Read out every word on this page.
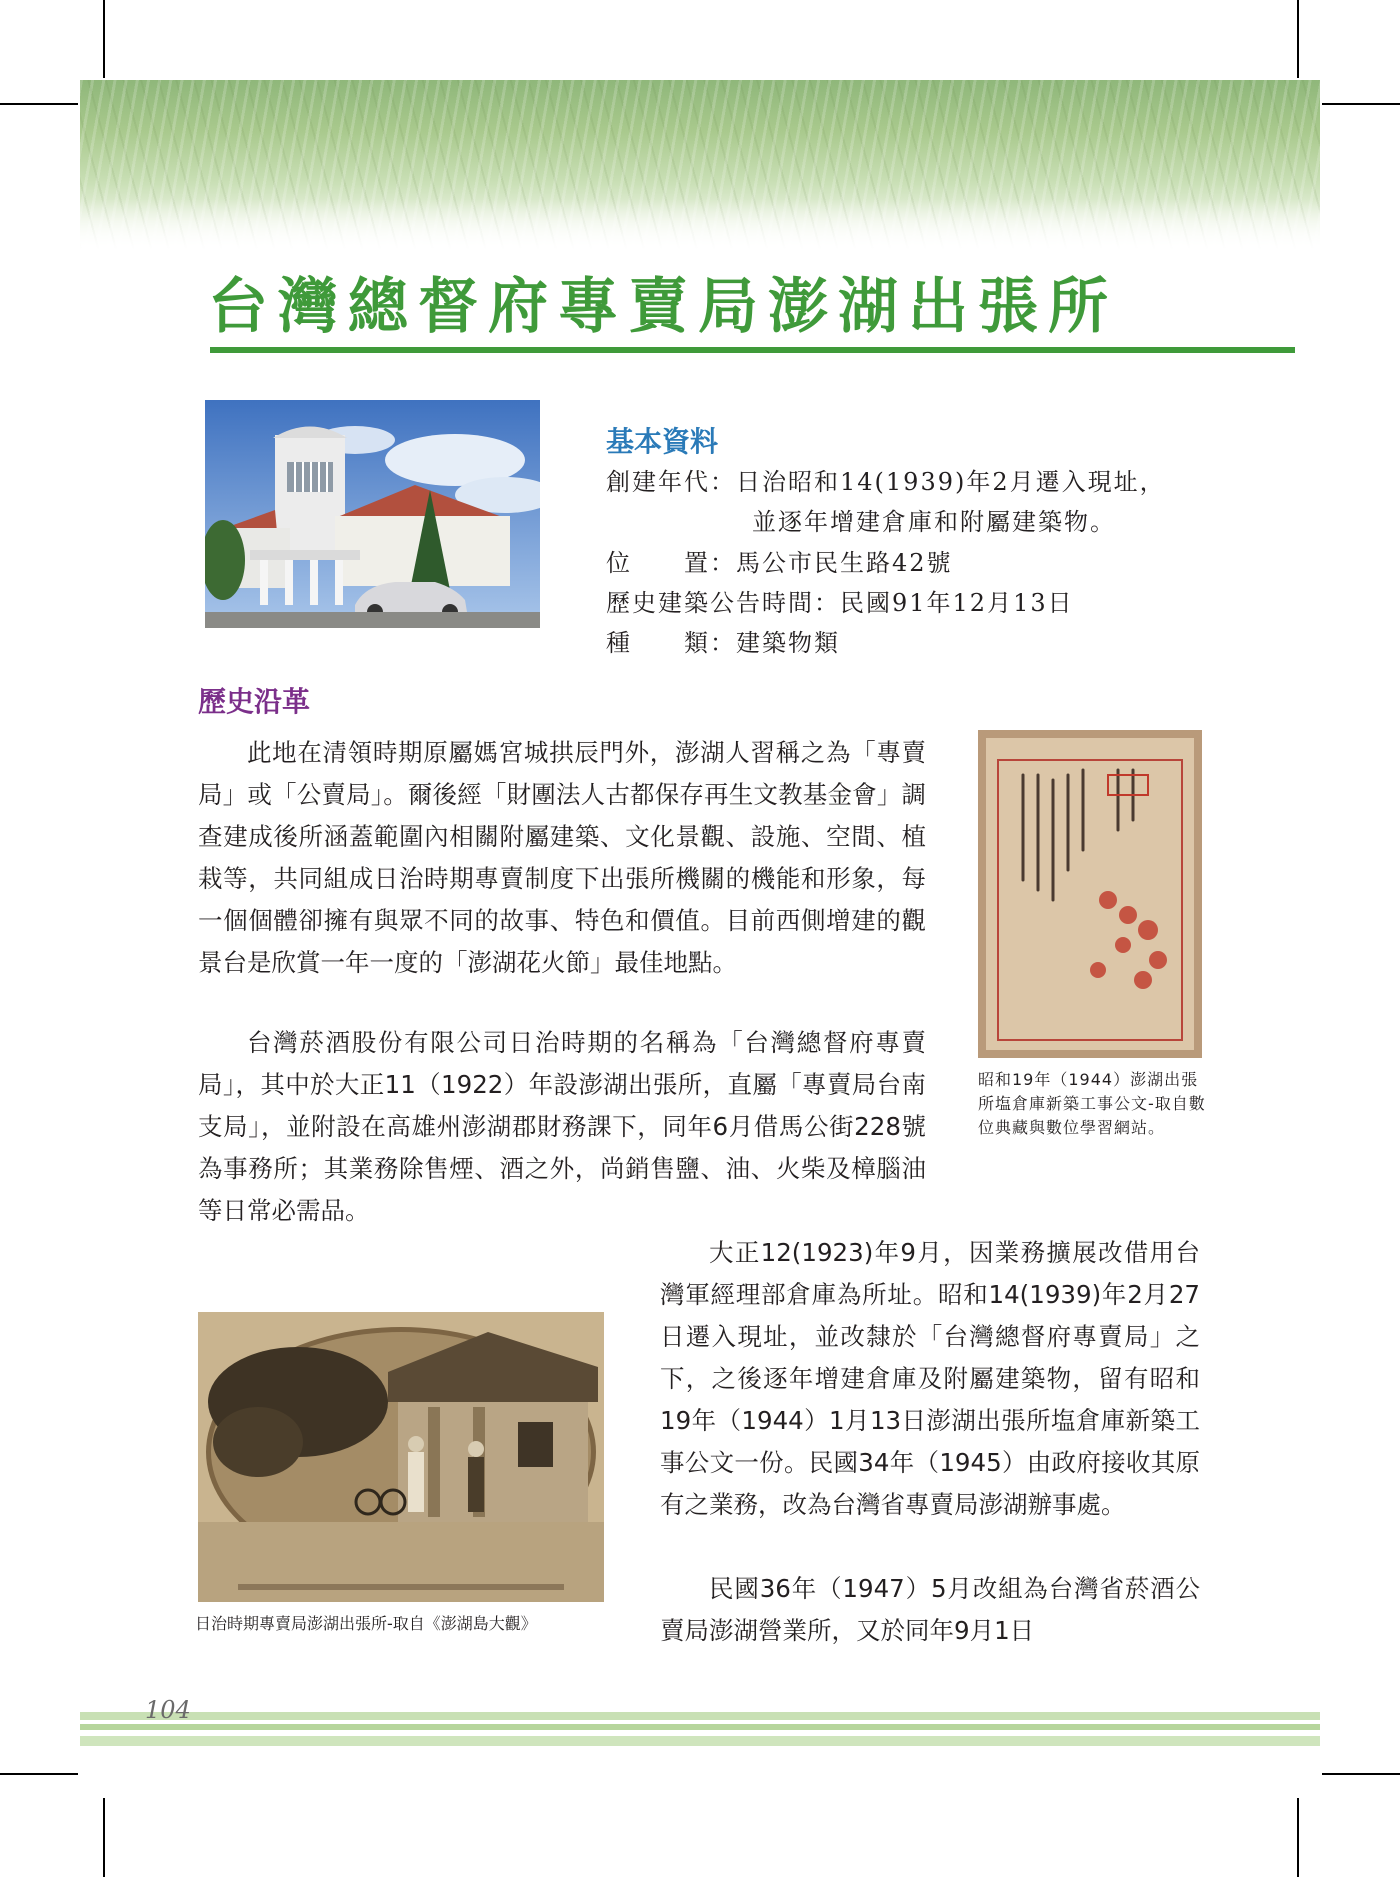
台灣總督府專賣局澎湖出張所
基本資料
創建年代：日治昭和14(1939)年2月遷入現址，
並逐年增建倉庫和附屬建築物。
位　　置：馬公市民生路42號
歷史建築公告時間：民國91年12月13日
種　　類：建築物類
歷史沿革
此地在清領時期原屬媽宮城拱辰門外，澎湖人習稱之為「專賣局」或「公賣局」。爾後經「財團法人古都保存再生文教基金會」調查建成後所涵蓋範圍內相關附屬建築、文化景觀、設施、空間、植栽等，共同組成日治時期專賣制度下出張所機關的機能和形象，每一個個體卻擁有與眾不同的故事、特色和價值。目前西側增建的觀景台是欣賞一年一度的「澎湖花火節」最佳地點。
台灣菸酒股份有限公司日治時期的名稱為「台灣總督府專賣局」，其中於大正11（1922）年設澎湖出張所，直屬「專賣局台南支局」，並附設在高雄州澎湖郡財務課下，同年6月借馬公街228號為事務所；其業務除售煙、酒之外，尚銷售鹽、油、火柴及樟腦油等日常必需品。
大正12(1923)年9月，因業務擴展改借用台灣軍經理部倉庫為所址。昭和14(1939)年2月27日遷入現址，並改隸於「台灣總督府專賣局」之下，之後逐年增建倉庫及附屬建築物，留有昭和19年（1944）1月13日澎湖出張所塩倉庫新築工事公文一份。民國34年（1945）由政府接收其原有之業務，改為台灣省專賣局澎湖辦事處。
民國36年（1947）5月改組為台灣省菸酒公賣局澎湖營業所，又於同年9月1日
昭和19年（1944）澎湖出張所塩倉庫新築工事公文-取自數位典藏與數位學習網站。
日治時期專賣局澎湖出張所-取自《澎湖島大觀》
104
